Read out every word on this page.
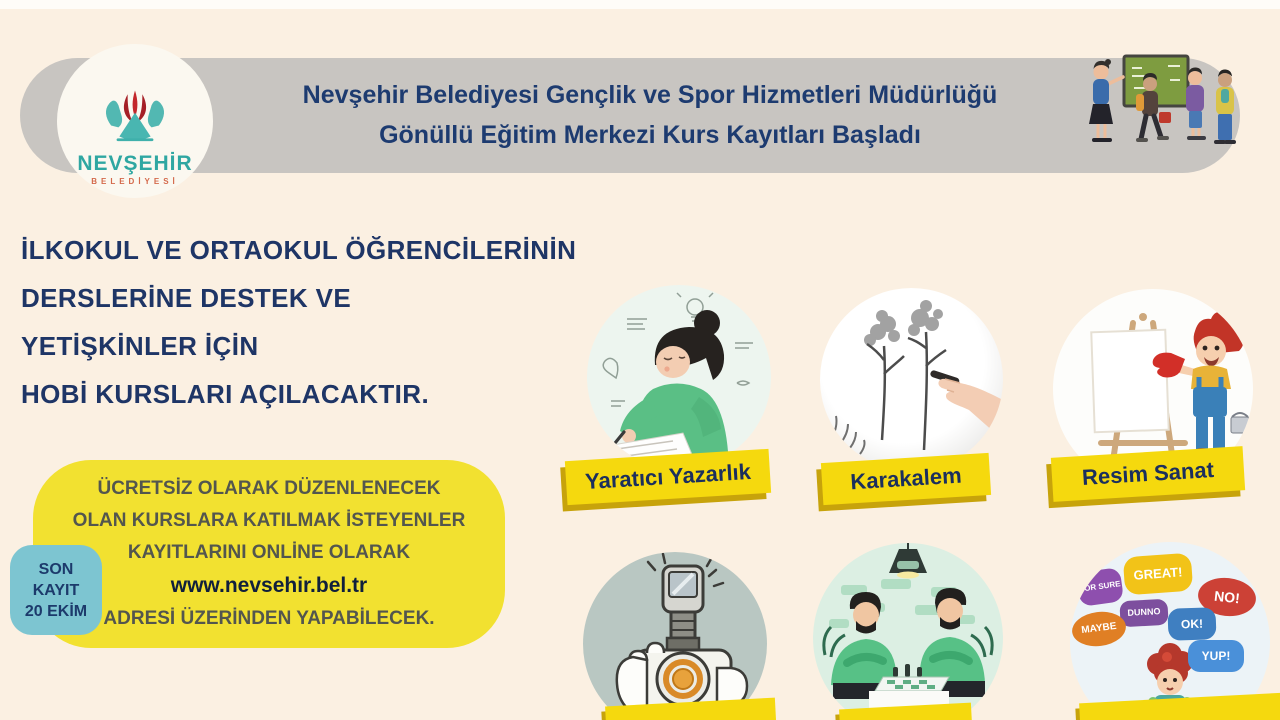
NEVŞEHİR
BELEDİYESİ
Nevşehir Belediyesi Gençlik ve Spor Hizmetleri Müdürlüğü
Gönüllü Eğitim Merkezi Kurs Kayıtları Başladı
İLKOKUL VE ORTAOKUL ÖĞRENCİLERİNİN
DERSLERİNE DESTEK VE
YETİŞKİNLER İÇİN
HOBİ KURSLARI AÇILACAKTIR.
ÜCRETSİZ OLARAK DÜZENLENECEK
OLAN KURSLARA KATILMAK İSTEYENLER
KAYITLARINI ONLİNE OLARAK
www.nevsehir.bel.tr
ADRESİ ÜZERİNDEN YAPABİLECEK.
SON
KAYIT
20 EKİM
Yaratıcı Yazarlık	Karakalem	Resim Sanat
FOR SURE
GREAT!
DUNNO
NO!
MAYBE	OK!
YUP!
